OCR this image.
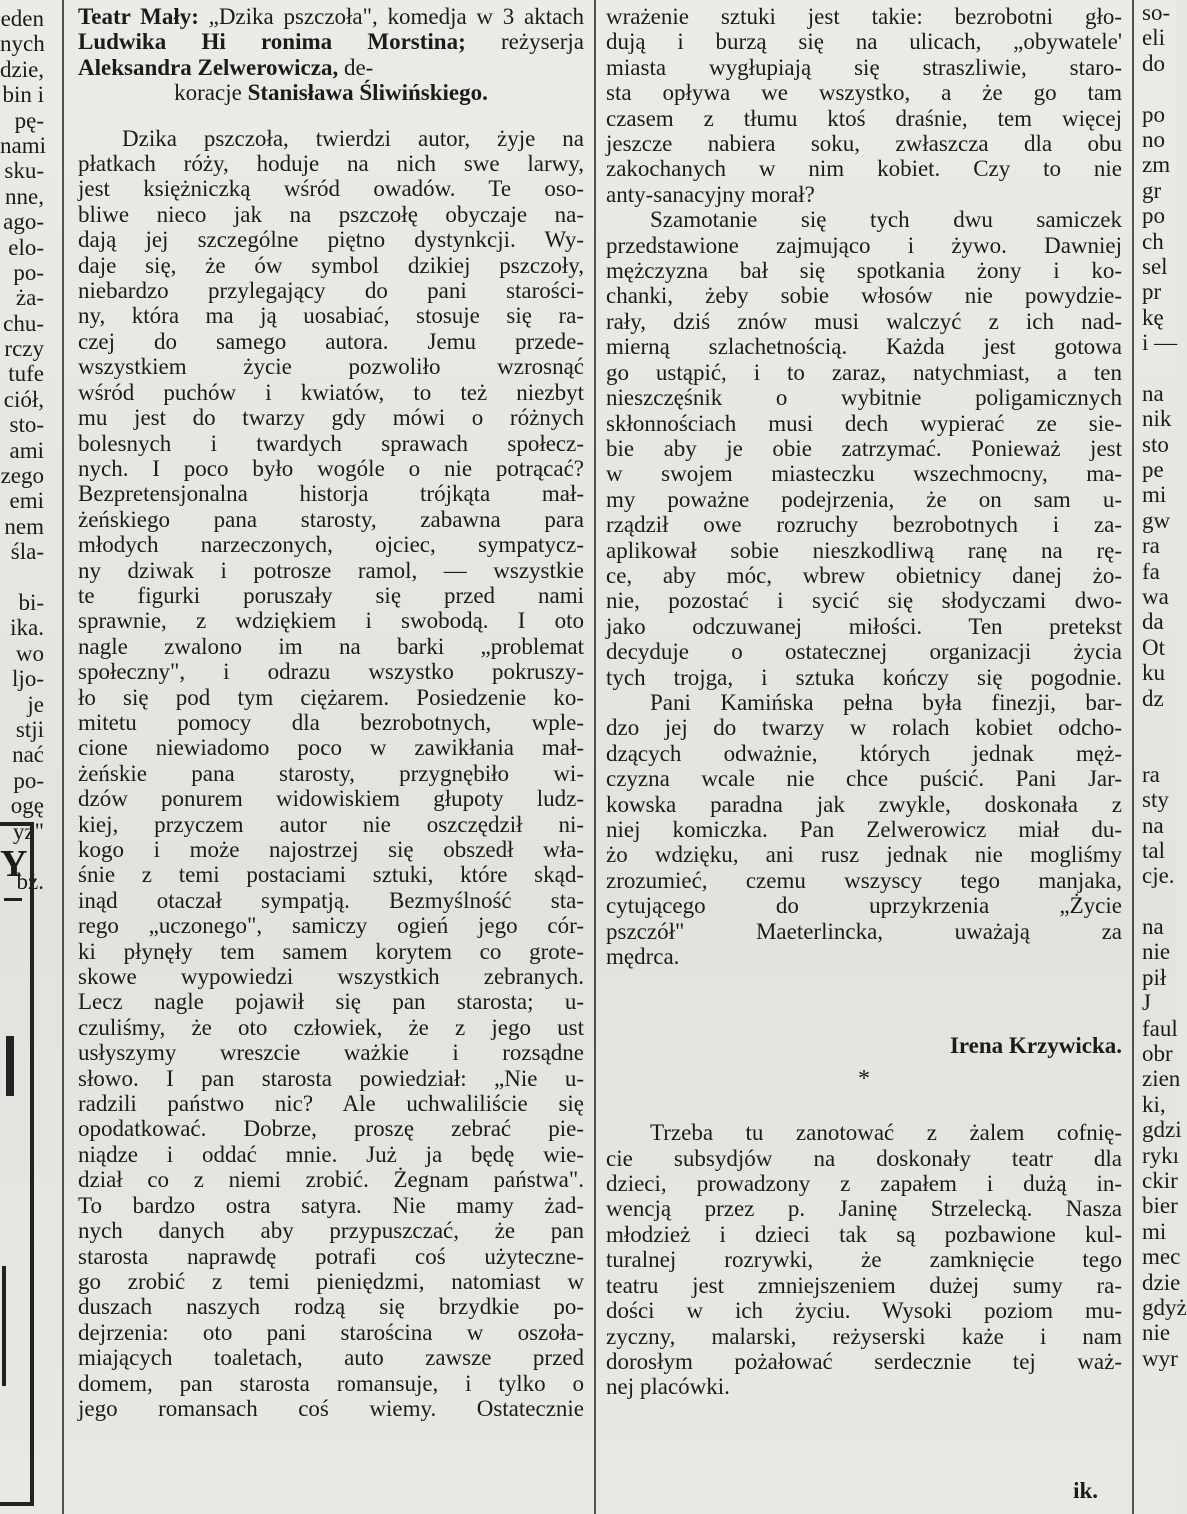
eden
nych
dzie,
bin i
pę-
nami
sku-
nne,
ago-
elo-
po-
ża-
chu-
rczy
tufe
ciół,
sto-
ami
zego
emi
nem
śla-
bi-
ika.
wo
ljo-
je
stji
nać
po-
ogę
yż"
bż.
Y
Teatr Mały: „Dzika pszczoła", komedja w 3 aktach Ludwika Hi ronima Morstina; reżyserja Aleksandra Zelwerowicza, de-
koracje Stanisława Śliwińskiego.
Dzika pszczoła, twierdzi autor, żyje na
płatkach róży, hoduje na nich swe larwy,
jest księżniczką wśród owadów. Te oso-
bliwe nieco jak na pszczołę obyczaje na-
dają jej szczególne piętno dystynkcji. Wy-
daje się, że ów symbol dzikiej pszczoły,
niebardzo przylegający do pani starości-
ny, która ma ją uosabiać, stosuje się ra-
czej do samego autora. Jemu przede-
wszystkiem życie pozwoliło wzrosnąć
wśród puchów i kwiatów, to też niezbyt
mu jest do twarzy gdy mówi o różnych
bolesnych i twardych sprawach społecz-
nych. I poco było wogóle o nie potrącać?
Bezpretensjonalna historja trójkąta mał-
żeńskiego pana starosty, zabawna para
młodych narzeczonych, ojciec, sympatycz-
ny dziwak i potrosze ramol, — wszystkie
te figurki poruszały się przed nami
sprawnie, z wdziękiem i swobodą. I oto
nagle zwalono im na barki „problemat
społeczny", i odrazu wszystko pokruszy-
ło się pod tym ciężarem. Posiedzenie ko-
mitetu pomocy dla bezrobotnych, wple-
cione niewiadomo poco w zawikłania mał-
żeńskie pana starosty, przygnębiło wi-
dzów ponurem widowiskiem głupoty ludz-
kiej, przyczem autor nie oszczędził ni-
kogo i może najostrzej się obszedł wła-
śnie z temi postaciami sztuki, które skąd-
inąd otaczał sympatją. Bezmyślność sta-
rego „uczonego", samiczy ogień jego cór-
ki płynęły tem samem korytem co grote-
skowe wypowiedzi wszystkich zebranych.
Lecz nagle pojawił się pan starosta; u-
czuliśmy, że oto człowiek, że z jego ust
usłyszymy wreszcie ważkie i rozsądne
słowo. I pan starosta powiedział: „Nie u-
radzili państwo nic? Ale uchwaliliście się
opodatkować. Dobrze, proszę zebrać pie-
niądze i oddać mnie. Już ja będę wie-
dział co z niemi zrobić. Żegnam państwa".
To bardzo ostra satyra. Nie mamy żad-
nych danych aby przypuszczać, że pan
starosta naprawdę potrafi coś użyteczne-
go zrobić z temi pieniędzmi, natomiast w
duszach naszych rodzą się brzydkie po-
dejrzenia: oto pani starościna w oszoła-
miających toaletach, auto zawsze przed
domem, pan starosta romansuje, i tylko o
jego romansach coś wiemy. Ostatecznie
wrażenie sztuki jest takie: bezrobotni gło-
dują i burzą się na ulicach, „obywatele'
miasta wygłupiają się straszliwie, staro-
sta opływa we wszystko, a że go tam
czasem z tłumu ktoś draśnie, tem więcej
jeszcze nabiera soku, zwłaszcza dla obu
zakochanych w nim kobiet. Czy to nie
anty-sanacyjny morał?
Szamotanie się tych dwu samiczek
przedstawione zajmująco i żywo. Dawniej
mężczyzna bał się spotkania żony i ko-
chanki, żeby sobie włosów nie powydzie-
rały, dziś znów musi walczyć z ich nad-
mierną szlachetnością. Każda jest gotowa
go ustąpić, i to zaraz, natychmiast, a ten
nieszczęśnik o wybitnie poligamicznych
skłonnościach musi dech wypierać ze sie-
bie aby je obie zatrzymać. Ponieważ jest
w swojem miasteczku wszechmocny, ma-
my poważne podejrzenia, że on sam u-
rządził owe rozruchy bezrobotnych i za-
aplikował sobie nieszkodliwą ranę na rę-
ce, aby móc, wbrew obietnicy danej żo-
nie, pozostać i sycić się słodyczami dwo-
jako odczuwanej miłości. Ten pretekst
decyduje o ostatecznej organizacji życia
tych trojga, i sztuka kończy się pogodnie.
Pani Kamińska pełna była finezji, bar-
dzo jej do twarzy w rolach kobiet odcho-
dzących odważnie, których jednak męż-
czyzna wcale nie chce puścić. Pani Jar-
kowska paradna jak zwykle, doskonała z
niej komiczka. Pan Zelwerowicz miał du-
żo wdzięku, ani rusz jednak nie mogliśmy
zrozumieć, czemu wszyscy tego manjaka,
cytującego do uprzykrzenia „Życie
pszczół" Maeterlincka, uważają za
mędrca.

Irena Krzywicka.

*

Trzeba tu zanotować z żalem cofnię-
cie subsydjów na doskonały teatr dla
dzieci, prowadzony z zapałem i dużą in-
wencją przez p. Janinę Strzelecką. Nasza
młodzież i dzieci tak są pozbawione kul-
turalnej rozrywki, że zamknięcie tego
teatru jest zmniejszeniem dużej sumy ra-
dości w ich życiu. Wysoki poziom mu-
zyczny, malarski, reżyserski każe i nam
dorosłym pożałować serdecznie tej waż-
nej placówki.

ik.

so-
eli
do
po
no
zm
gr
po
ch
sel
pr
kę
i —
na
nik
sto
pe
mi
gw
ra
fa
wa
da
Ot
ku
dz
ra
sty
na
tal
cje.
na
nie
pił
J
faul
obr
zien
ki,
gdzi
rykı
ckir
bier
mi
mec
dzie
gdyż
nie
wyr
